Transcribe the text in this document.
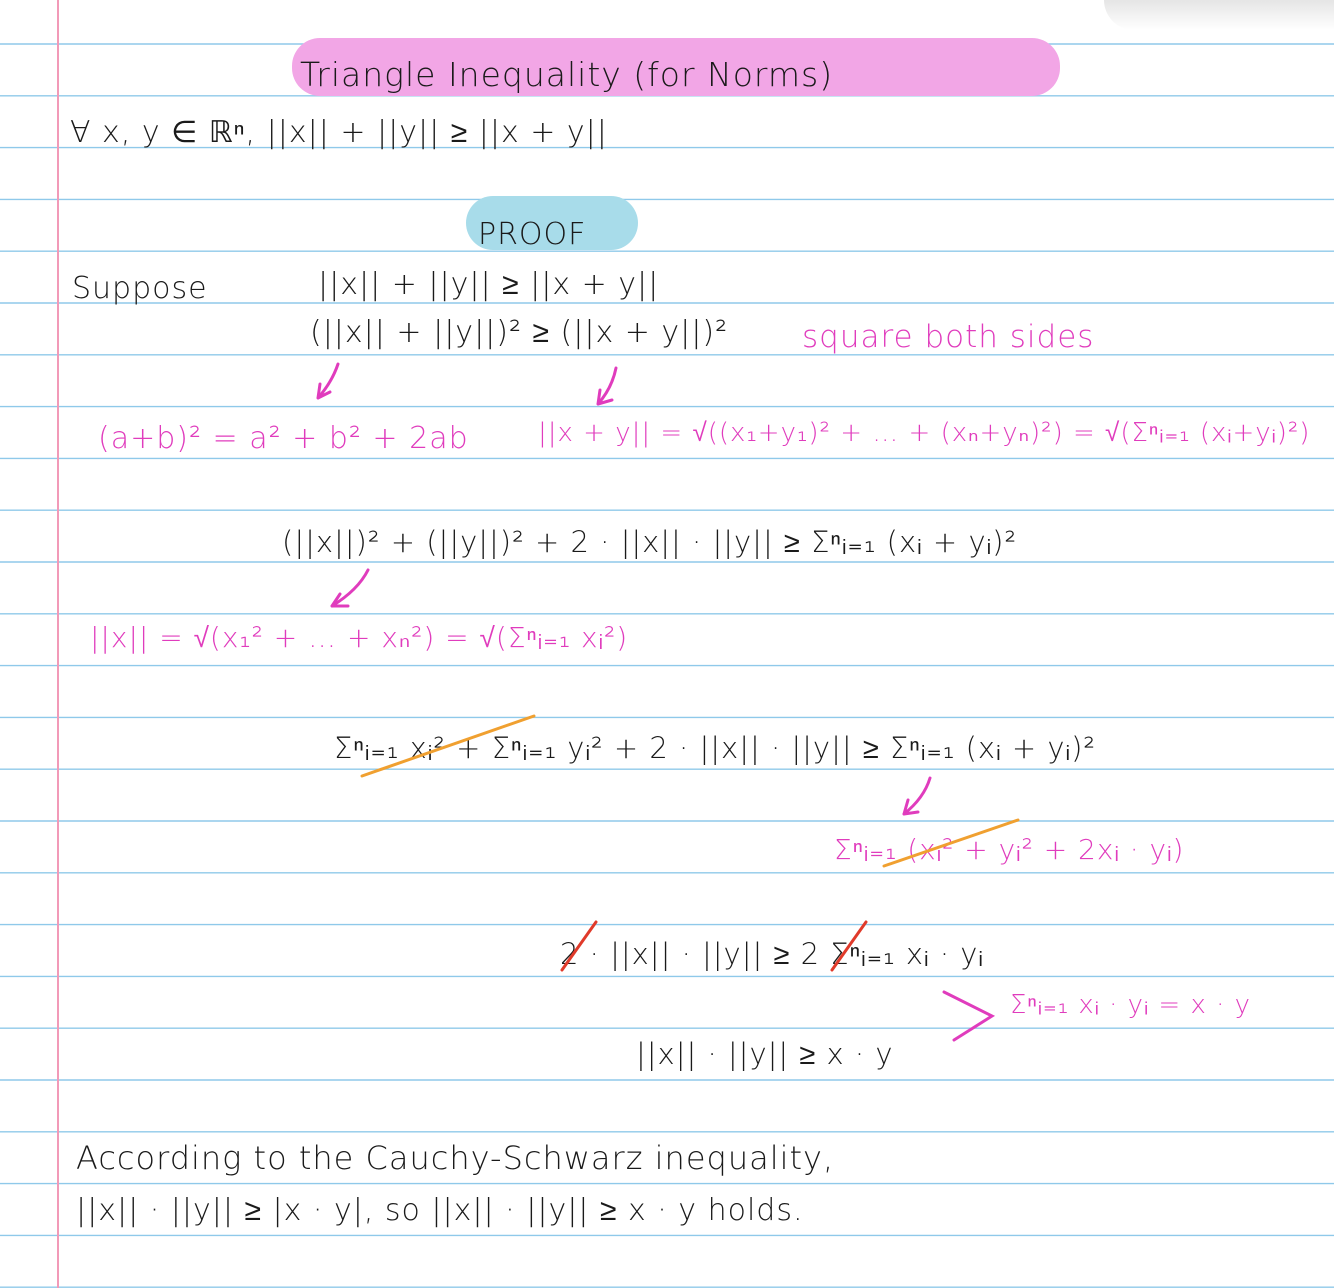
Triangle Inequality (for Norms)
∀ x, y ∈ ℝⁿ, ||x|| + ||y|| ≥ ||x + y||
PROOF
Suppose	||x|| + ||y|| ≥ ||x + y||
(||x|| + ||y||)² ≥ (||x + y||)² square both sides
(a+b)² = a² + b² + 2ab	||x + y|| = √((x₁+y₁)² + … + (xₙ+yₙ)²) = √(Σⁿᵢ₌₁ (xᵢ+yᵢ)²)
(||x||)² + (||y||)² + 2 · ||x|| · ||y|| ≥ Σⁿᵢ₌₁ (xᵢ + yᵢ)²
||x|| = √(x₁² + … + xₙ²) = √(Σⁿᵢ₌₁ xᵢ²)
Σⁿᵢ₌₁ xᵢ² + Σⁿᵢ₌₁ yᵢ² + 2 · ||x|| · ||y|| ≥ Σⁿᵢ₌₁ (xᵢ + yᵢ)²
Σⁿᵢ₌₁ (xᵢ² + yᵢ² + 2xᵢ · yᵢ)
2 · ||x|| · ||y|| ≥ 2 Σⁿᵢ₌₁ xᵢ · yᵢ
Σⁿᵢ₌₁ xᵢ · yᵢ = x · y
||x|| · ||y|| ≥ x · y
According to the Cauchy-Schwarz inequality,
||x|| · ||y|| ≥ |x · y|, so ||x|| · ||y|| ≥ x · y holds.
